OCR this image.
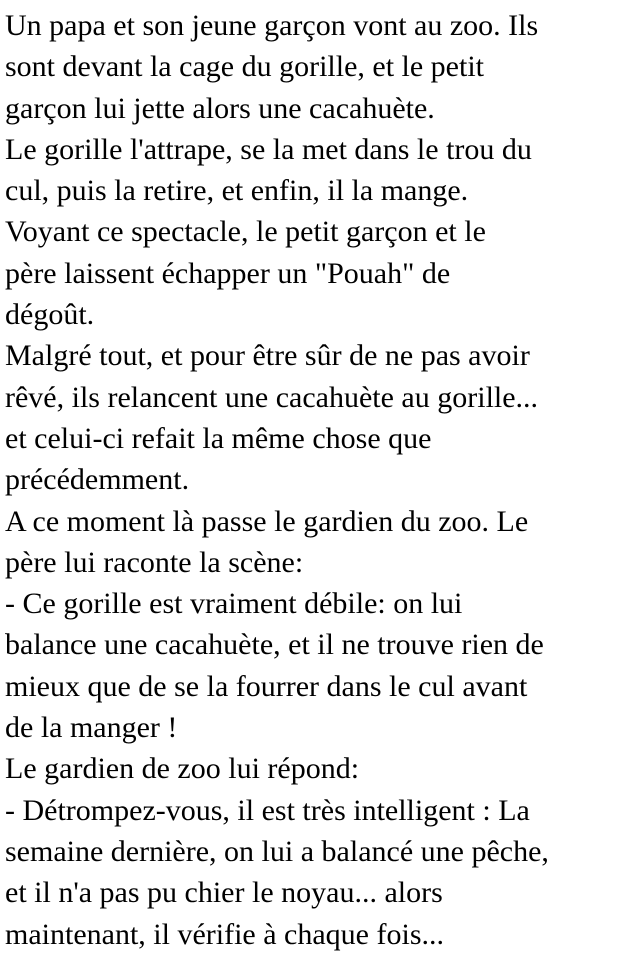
Un papa et son jeune garçon vont au zoo. Ils
sont devant la cage du gorille, et le petit
garçon lui jette alors une cacahuète.
Le gorille l'attrape, se la met dans le trou du
cul, puis la retire, et enfin, il la mange.
Voyant ce spectacle, le petit garçon et le
père laissent échapper un "Pouah" de
dégoût.
Malgré tout, et pour être sûr de ne pas avoir
rêvé, ils relancent une cacahuète au gorille...
et celui-ci refait la même chose que
précédemment.
A ce moment là passe le gardien du zoo. Le
père lui raconte la scène:
- Ce gorille est vraiment débile: on lui
balance une cacahuète, et il ne trouve rien de
mieux que de se la fourrer dans le cul avant
de la manger !
Le gardien de zoo lui répond:
- Détrompez-vous, il est très intelligent : La
semaine dernière, on lui a balancé une pêche,
et il n'a pas pu chier le noyau... alors
maintenant, il vérifie à chaque fois...
